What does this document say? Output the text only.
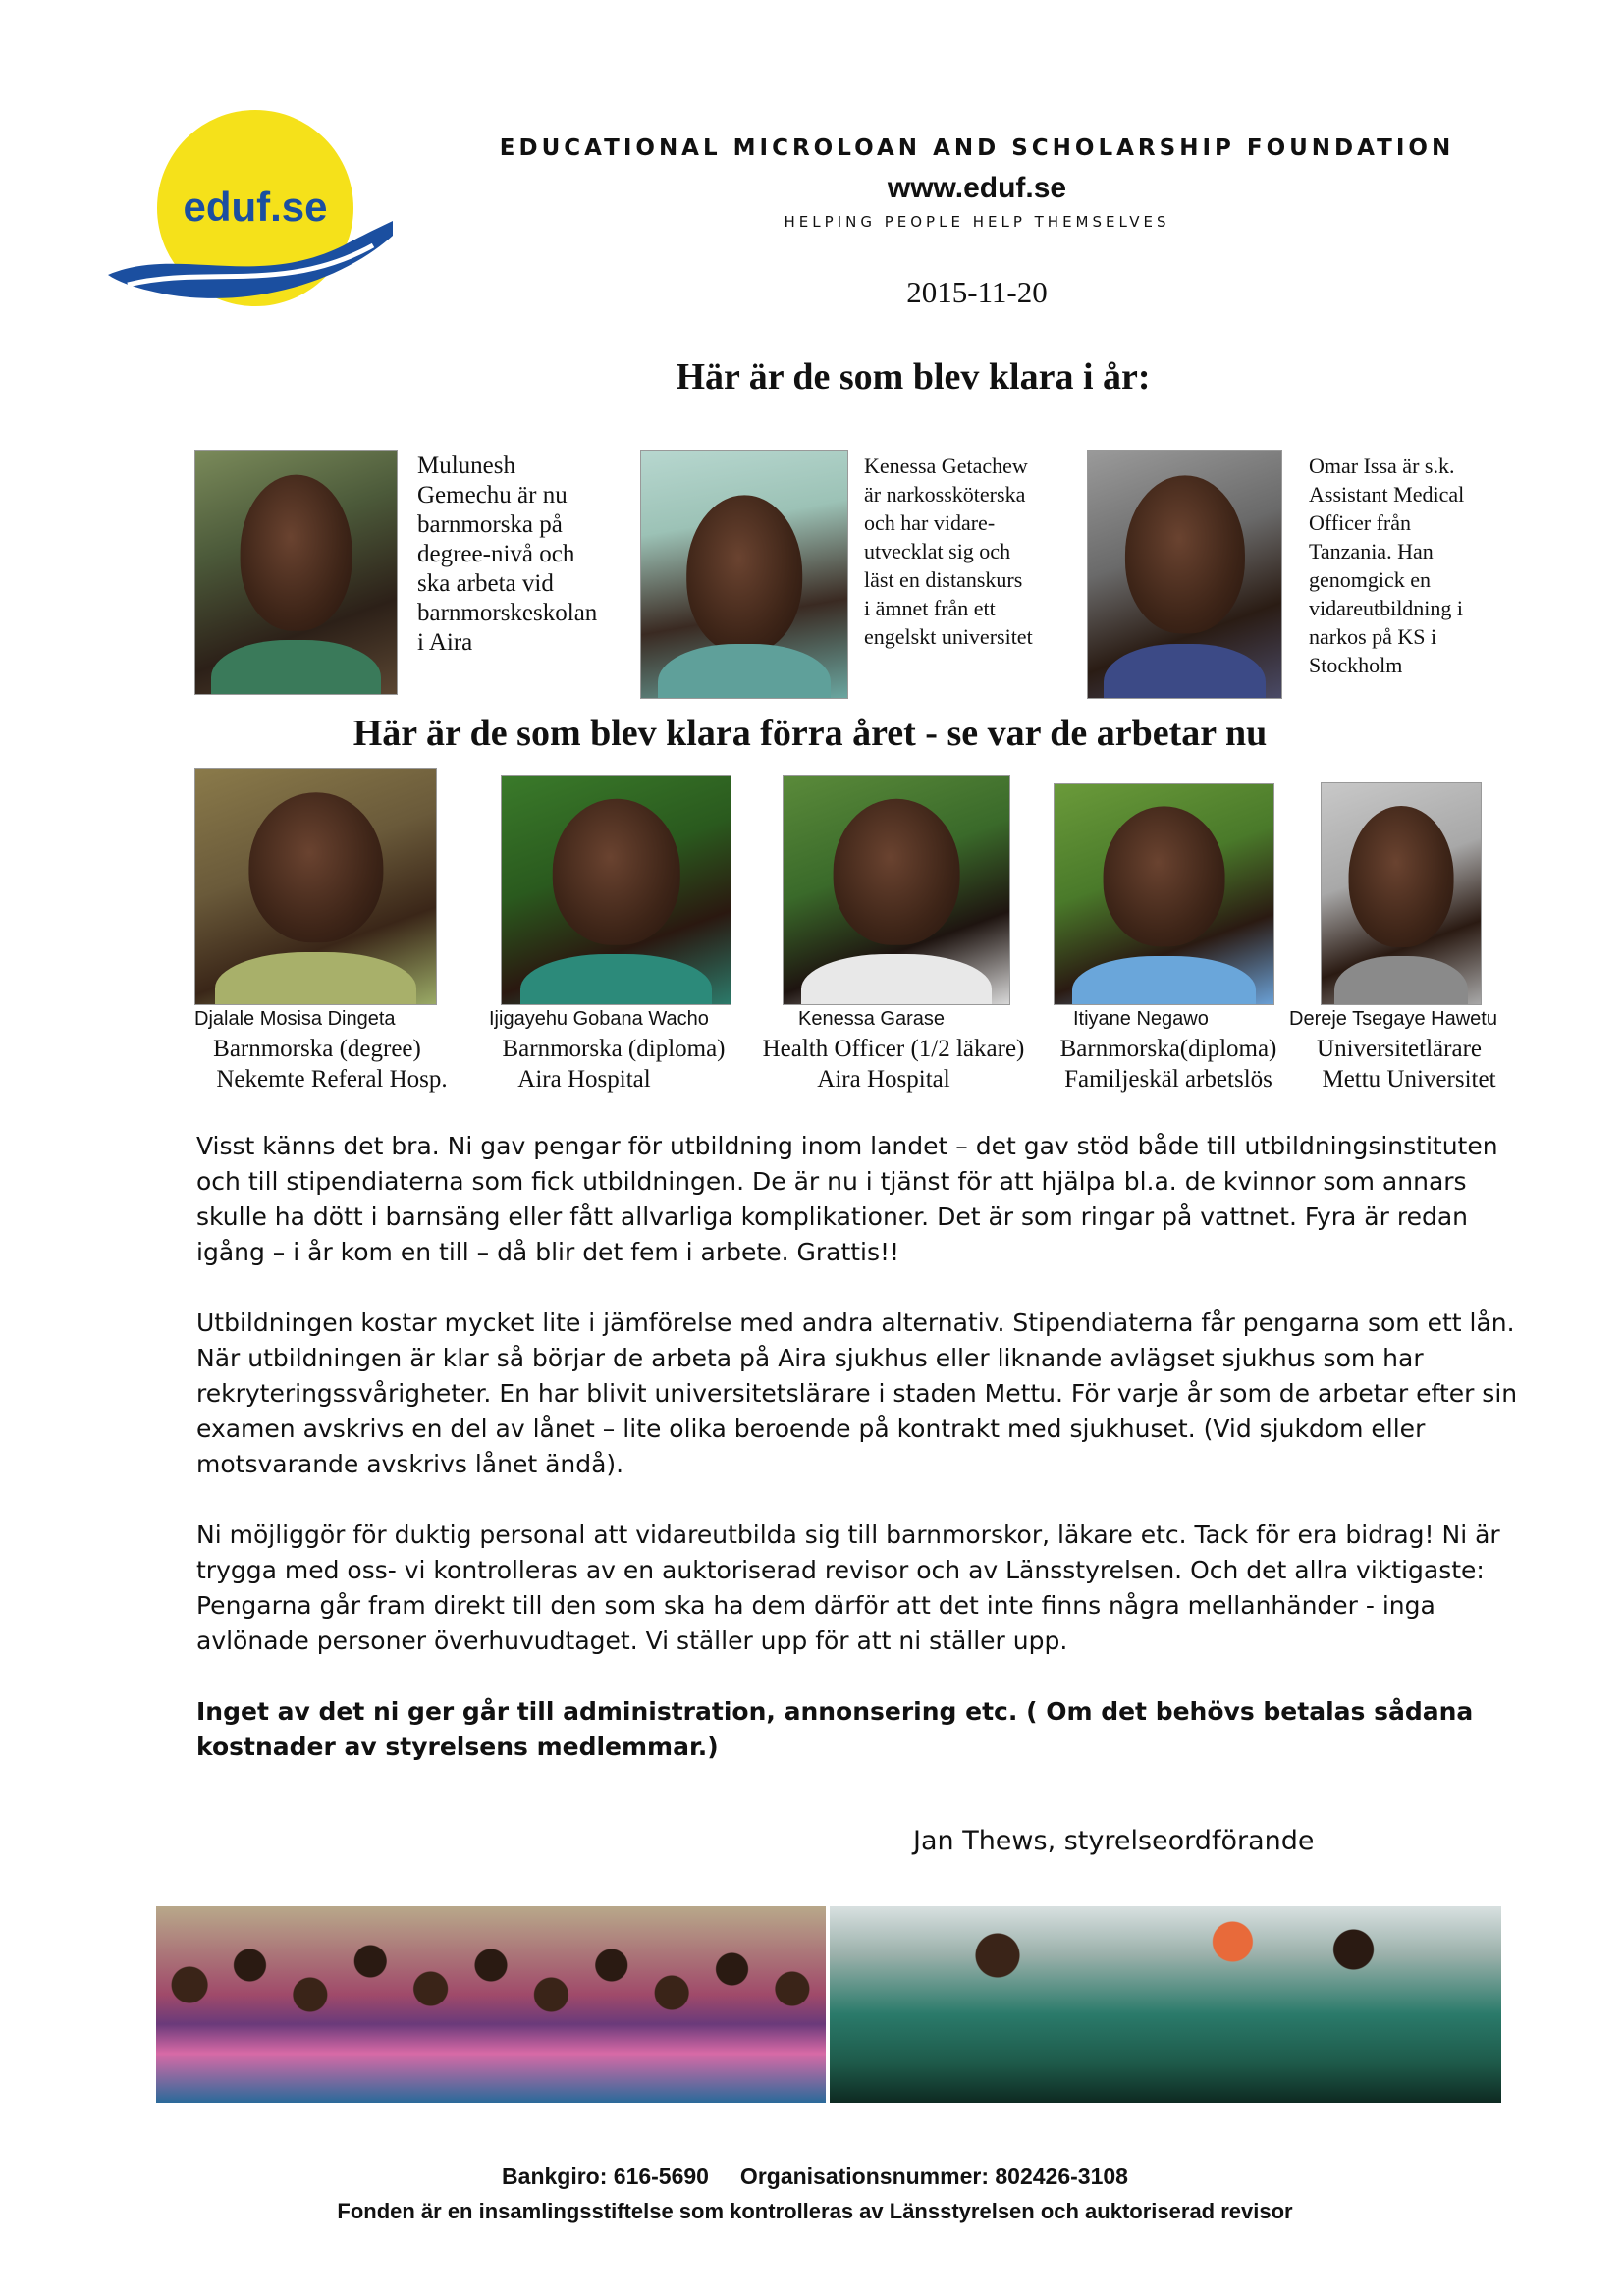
eduf.se
EDUCATIONAL MICROLOAN AND SCHOLARSHIP FOUNDATION
www.eduf.se
HELPING PEOPLE HELP THEMSELVES
2015-11-20
Här är de som blev klara i år:
Mulunesh
Gemechu är nu
barnmorska på
degree-nivå och
ska arbeta vid
barnmorskeskolan
i Aira
Kenessa Getachew
är narkossköterska
och har vidare-
utvecklat sig och
läst en distanskurs
i ämnet från ett
engelskt universitet
Omar Issa är s.k.
Assistant Medical
Officer från
Tanzania. Han
genomgick en
vidareutbildning i
narkos på KS i
Stockholm
Här är de som blev klara förra året - se var de arbetar nu
Djalale Mosisa Dingeta	Ijigayehu Gobana Wacho	Kenessa Garase	Itiyane Negawo	Dereje Tsegaye Hawetu
Barnmorska (degree)	Barnmorska (diploma)	Health Officer (1/2 läkare)	Barnmorska(diploma)	Universitetlärare
Nekemte Referal Hosp.	Aira Hospital	Aira Hospital	Familjeskäl arbetslös	Mettu Universitet
Visst känns det bra. Ni gav pengar för utbildning inom landet – det gav stöd både till utbildningsinstituten och till stipendiaterna som fick utbildningen. De är nu i tjänst för att hjälpa bl.a. de kvinnor som annars skulle ha dött i barnsäng eller fått allvarliga komplikationer. Det är som ringar på vattnet. Fyra är redan igång – i år kom en till – då blir det fem i arbete. Grattis!!
Utbildningen kostar mycket lite i jämförelse med andra alternativ. Stipendiaterna får pengarna som ett lån. När utbildningen är klar så börjar de arbeta på Aira sjukhus eller liknande avlägset sjukhus som har rekryteringssvårigheter. En har blivit universitetslärare i staden Mettu. För varje år som de arbetar efter sin examen avskrivs en del av lånet – lite olika beroende på kontrakt med sjukhuset. (Vid sjukdom eller motsvarande avskrivs lånet ändå).
Ni möjliggör för duktig personal att vidareutbilda sig till barnmorskor, läkare etc. Tack för era bidrag! Ni är trygga med oss- vi kontrolleras av en auktoriserad revisor och av Länsstyrelsen. Och det allra viktigaste: Pengarna går fram direkt till den som ska ha dem därför att det inte finns några mellanhänder - inga avlönade personer överhuvudtaget. Vi ställer upp för att ni ställer upp.
Inget av det ni ger går till administration, annonsering etc. ( Om det behövs betalas sådana kostnader av styrelsens medlemmar.)
Jan Thews, styrelseordförande
Bankgiro: 616-5690     Organisationsnummer: 802426-3108
Fonden är en insamlingsstiftelse som kontrolleras av Länsstyrelsen och auktoriserad revisor
